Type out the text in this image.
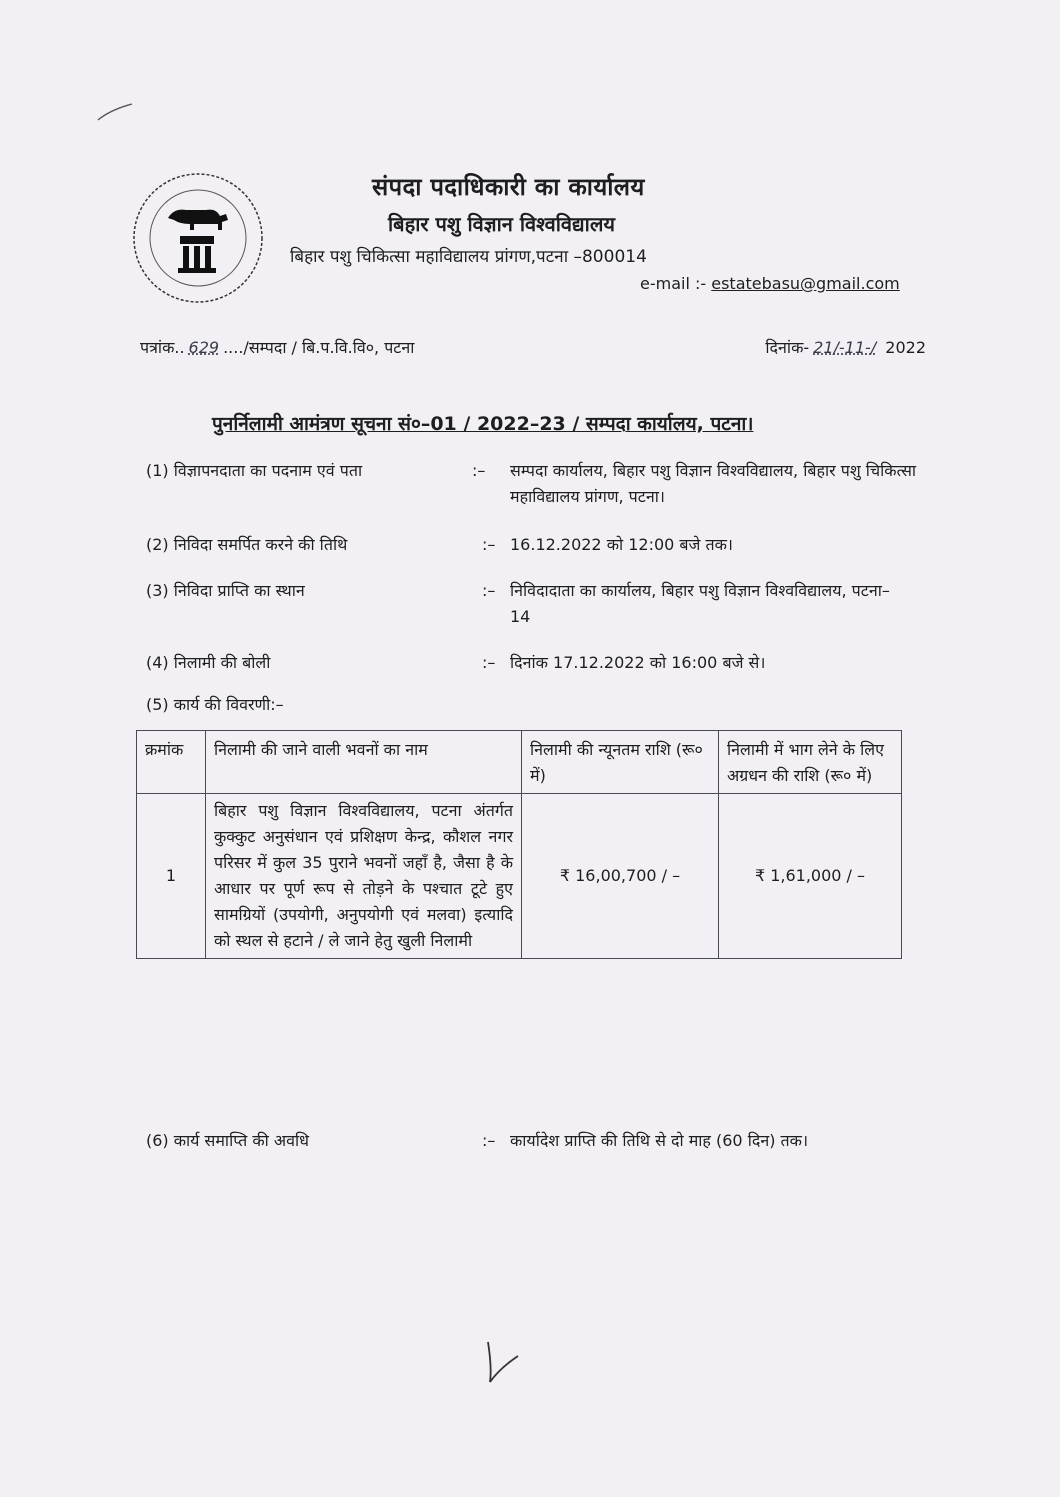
संपदा पदाधिकारी का कार्यालय
बिहार पशु विज्ञान विश्वविद्यालय
बिहार पशु चिकित्सा महाविद्यालय प्रांगण,पटना –800014
e-mail :- estatebasu@gmail.com
पत्रांक.. 629 ..../सम्पदा / बि.प.वि.वि०, पटना	दिनांक- 21/-11-/ 2022
पुनर्निलामी आमंत्रण सूचना सं०–01 / 2022–23 / सम्पदा कार्यालय, पटना।
(1) विज्ञापनदाता का पदनाम एवं पता	:– सम्पदा कार्यालय, बिहार पशु विज्ञान विश्वविद्यालय, बिहार पशु चिकित्सा महाविद्यालय प्रांगण, पटना।
(2) निविदा समर्पित करने की तिथि	:– 16.12.2022 को 12:00 बजे तक।
(3) निविदा प्राप्ति का स्थान	:– निविदादाता का कार्यालय, बिहार पशु विज्ञान विश्वविद्यालय, पटना–14
(4) निलामी की बोली	:– दिनांक 17.12.2022 को 16:00 बजे से।
(5) कार्य की विवरणी:–
क्रमांक	निलामी की जाने वाली भवनों का नाम	निलामी की न्यूनतम राशि (रू० में)	निलामी में भाग लेने के लिए अग्रधन की राशि (रू० में)
1	बिहार पशु विज्ञान विश्वविद्यालय, पटना अंतर्गत कुक्कुट अनुसंधान एवं प्रशिक्षण केन्द्र, कौशल नगर परिसर में कुल 35 पुराने भवनों जहाँ है, जैसा है के आधार पर पूर्ण रूप से तोड़ने के पश्चात टूटे हुए सामग्रियों (उपयोगी, अनुपयोगी एवं मलवा) इत्यादि को स्थल से हटाने / ले जाने हेतु खुली निलामी	₹ 16,00,700 / –	₹ 1,61,000 / –
(6) कार्य समाप्ति की अवधि	:– कार्यादेश प्राप्ति की तिथि से दो माह (60 दिन) तक।
